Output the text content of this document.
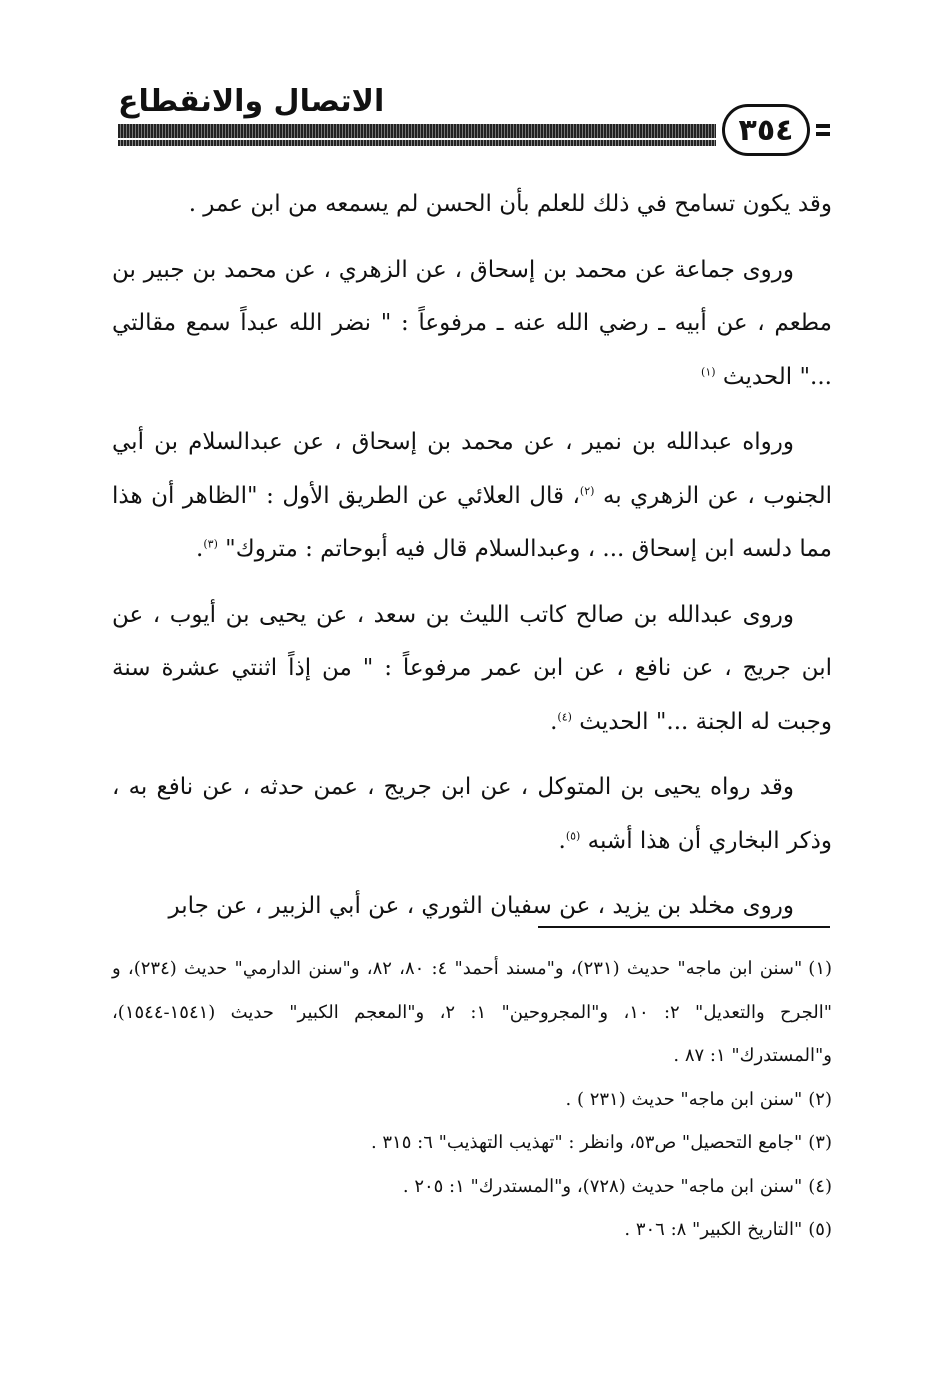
الاتصال والانقطاع
٣٥٤

وقد يكون تسامح في ذلك للعلم بأن الحسن لم يسمعه من ابن عمر .

وروى جماعة عن محمد بن إسحاق ، عن الزهري ، عن محمد بن جبير بن مطعم ، عن أبيه ـ رضي الله عنه ـ مرفوعاً : " نضر الله عبداً سمع مقالتي ..." الحديث $^{(١)}$

ورواه عبدالله بن نمير ، عن محمد بن إسحاق ، عن عبدالسلام بن أبي الجنوب ، عن الزهري به $^{(٢)}$، قال العلائي عن الطريق الأول : "الظاهر أن هذا مما دلسه ابن إسحاق ... ، وعبدالسلام قال فيه أبوحاتم : متروك" $^{(٣)}$.

وروى عبدالله بن صالح كاتب الليث بن سعد ، عن يحيى بن أيوب ، عن ابن جريج ، عن نافع ، عن ابن عمر مرفوعاً : " من إذاً اثنتي عشرة سنة وجبت له الجنة ..." الحديث $^{(٤)}$.

وقد رواه يحيى بن المتوكل ، عن ابن جريج ، عمن حدثه ، عن نافع به ، وذكر البخاري أن هذا أشبه $^{(٥)}$.

وروى مخلد بن يزيد ، عن سفيان الثوري ، عن أبي الزبير ، عن جابر

(١)"سنن ابن ماجه" حديث (٢٣١)، و"مسند أحمد" ٤: ٨٠، ٨٢، و"سنن الدارمي" حديث (٢٣٤)، و "الجرح والتعديل" ٢: ١٠، و"المجروحين" ١: ٢، و"المعجم الكبير" حديث (١٥٤١-١٥٤٤)، و"المستدرك" ١: ٨٧ .

(٢)"سنن ابن ماجه" حديث (٢٣١ ) .

(٣)"جامع التحصيل" ص٥٣، وانظر : "تهذيب التهذيب" ٦: ٣١٥ .

(٤)"سنن ابن ماجه" حديث (٧٢٨)، و"المستدرك" ١: ٢٠٥ .

(٥)"التاريخ الكبير" ٨: ٣٠٦ .
